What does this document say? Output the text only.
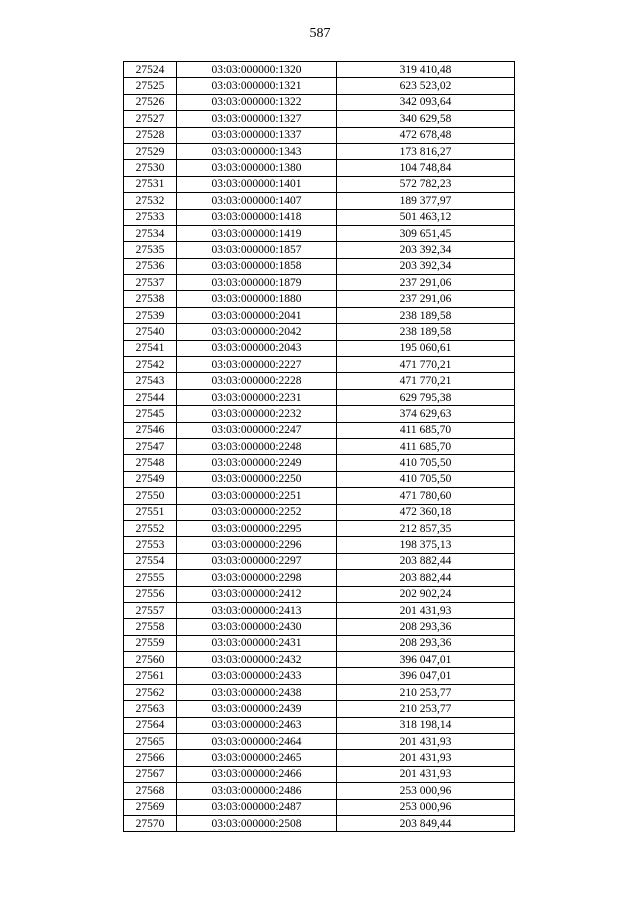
587
27524	03:03:000000:1320	319 410,48
27525	03:03:000000:1321	623 523,02
27526	03:03:000000:1322	342 093,64
27527	03:03:000000:1327	340 629,58
27528	03:03:000000:1337	472 678,48
27529	03:03:000000:1343	173 816,27
27530	03:03:000000:1380	104 748,84
27531	03:03:000000:1401	572 782,23
27532	03:03:000000:1407	189 377,97
27533	03:03:000000:1418	501 463,12
27534	03:03:000000:1419	309 651,45
27535	03:03:000000:1857	203 392,34
27536	03:03:000000:1858	203 392,34
27537	03:03:000000:1879	237 291,06
27538	03:03:000000:1880	237 291,06
27539	03:03:000000:2041	238 189,58
27540	03:03:000000:2042	238 189,58
27541	03:03:000000:2043	195 060,61
27542	03:03:000000:2227	471 770,21
27543	03:03:000000:2228	471 770,21
27544	03:03:000000:2231	629 795,38
27545	03:03:000000:2232	374 629,63
27546	03:03:000000:2247	411 685,70
27547	03:03:000000:2248	411 685,70
27548	03:03:000000:2249	410 705,50
27549	03:03:000000:2250	410 705,50
27550	03:03:000000:2251	471 780,60
27551	03:03:000000:2252	472 360,18
27552	03:03:000000:2295	212 857,35
27553	03:03:000000:2296	198 375,13
27554	03:03:000000:2297	203 882,44
27555	03:03:000000:2298	203 882,44
27556	03:03:000000:2412	202 902,24
27557	03:03:000000:2413	201 431,93
27558	03:03:000000:2430	208 293,36
27559	03:03:000000:2431	208 293,36
27560	03:03:000000:2432	396 047,01
27561	03:03:000000:2433	396 047,01
27562	03:03:000000:2438	210 253,77
27563	03:03:000000:2439	210 253,77
27564	03:03:000000:2463	318 198,14
27565	03:03:000000:2464	201 431,93
27566	03:03:000000:2465	201 431,93
27567	03:03:000000:2466	201 431,93
27568	03:03:000000:2486	253 000,96
27569	03:03:000000:2487	253 000,96
27570	03:03:000000:2508	203 849,44
